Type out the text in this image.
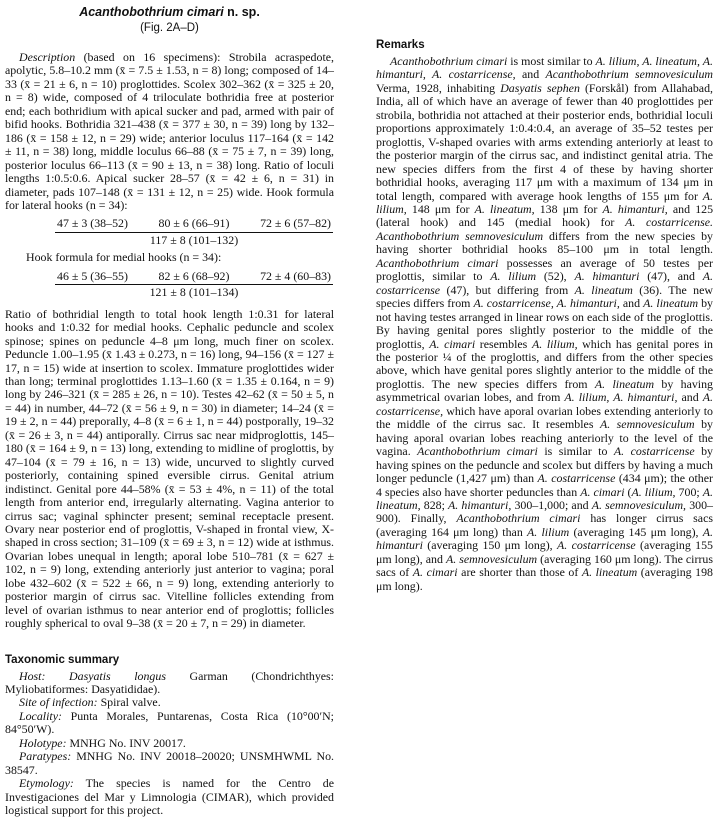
Acanthobothrium cimari n. sp.
(Fig. 2A–D)
Description (based on 16 specimens): Strobila acraspedote, apolytic, 5.8–10.2 mm (x̄ = 7.5 ± 1.53, n = 8) long; composed of 14–33 (x̄ = 21 ± 6, n = 10) proglottides. Scolex 302–362 (x̄ = 325 ± 20, n = 8) wide, composed of 4 triloculate bothridia free at posterior end; each bothridium with apical sucker and pad, armed with pair of bifid hooks. Bothridia 321–438 (x̄ = 377 ± 30, n = 39) long by 132–186 (x̄ = 158 ± 12, n = 29) wide; anterior loculus 117–164 (x̄ = 142 ± 11, n = 38) long, middle loculus 66–88 (x̄ = 75 ± 7, n = 39) long, posterior loculus 66–113 (x̄ = 90 ± 13, n = 38) long. Ratio of loculi lengths 1:0.5:0.6. Apical sucker 28–57 (x̄ = 42 ± 6, n = 31) in diameter, pads 107–148 (x̄ = 131 ± 12, n = 25) wide. Hook formula for lateral hooks (n = 34):
47 ± 3 (38–52)	80 ± 6 (66–91)	72 ± 6 (57–82)
117 ± 8 (101–132)
Hook formula for medial hooks (n = 34):
46 ± 5 (36–55)	82 ± 6 (68–92)	72 ± 4 (60–83)
121 ± 8 (101–134)
Ratio of bothridial length to total hook length 1:0.31 for lateral hooks and 1:0.32 for medial hooks. Cephalic peduncle and scolex spinose; spines on peduncle 4–8 μm long, much finer on scolex. Peduncle 1.00–1.95 (x̄ 1.43 ± 0.273, n = 16) long, 94–156 (x̄ = 127 ± 17, n = 15) wide at insertion to scolex. Immature proglottides wider than long; terminal proglottides 1.13–1.60 (x̄ = 1.35 ± 0.164, n = 9) long by 246–321 (x̄ = 285 ± 26, n = 10). Testes 42–62 (x̄ = 50 ± 5, n = 44) in number, 44–72 (x̄ = 56 ± 9, n = 30) in diameter; 14–24 (x̄ = 19 ± 2, n = 44) preporally, 4–8 (x̄ = 6 ± 1, n = 44) postporally, 19–32 (x̄ = 26 ± 3, n = 44) antiporally. Cirrus sac near midproglottis, 145–180 (x̄ = 164 ± 9, n = 13) long, extending to midline of proglottis, by 47–104 (x̄ = 79 ± 16, n = 13) wide, uncurved to slightly curved posteriorly, containing spined eversible cirrus. Genital atrium indistinct. Genital pore 44–58% (x̄ = 53 ± 4%, n = 11) of the total length from anterior end, irregularly alternating. Vagina anterior to cirrus sac; vaginal sphincter present; seminal receptacle present. Ovary near posterior end of proglottis, V-shaped in frontal view, X-shaped in cross section; 31–109 (x̄ = 69 ± 3, n = 12) wide at isthmus. Ovarian lobes unequal in length; aporal lobe 510–781 (x̄ = 627 ± 102, n = 9) long, extending anteriorly just anterior to vagina; poral lobe 432–602 (x̄ = 522 ± 66, n = 9) long, extending anteriorly to posterior margin of cirrus sac. Vitelline follicles extending from level of ovarian isthmus to near anterior end of proglottis; follicles roughly spherical to oval 9–38 (x̄ = 20 ± 7, n = 29) in diameter.
Taxonomic summary
Host: Dasyatis longus Garman (Chondrichthyes: Myliobatiformes: Dasyatididae).
Site of infection: Spiral valve.
Locality: Punta Morales, Puntarenas, Costa Rica (10°00′N; 84°50′W).
Holotype: MNHG No. INV 20017.
Paratypes: MNHG No. INV 20018–20020; UNSMHWML No. 38547.
Etymology: The species is named for the Centro de Investigaciones del Mar y Limnologia (CIMAR), which provided logistical support for this project.
Remarks
Acanthobothrium cimari is most similar to A. lilium, A. lineatum, A. himanturi, A. costarricense, and Acanthobothrium semnovesiculum Verma, 1928, inhabiting Dasyatis sephen (Forskål) from Allahabad, India, all of which have an average of fewer than 40 proglottides per strobila, bothridia not attached at their posterior ends, bothridial loculi proportions approximately 1:0.4:0.4, an average of 35–52 testes per proglottis, V-shaped ovaries with arms extending anteriorly at least to the posterior margin of the cirrus sac, and indistinct genital atria. The new species differs from the first 4 of these by having shorter bothridial hooks, averaging 117 μm with a maximum of 134 μm in total length, compared with average hook lengths of 155 μm for A. lilium, 148 μm for A. lineatum, 138 μm for A. himanturi, and 125 (lateral hook) and 145 (medial hook) for A. costarricense. Acanthobothrium semnovesiculum differs from the new species by having shorter bothridial hooks 85–100 μm in total length. Acanthobothrium cimari possesses an average of 50 testes per proglottis, similar to A. lilium (52), A. himanturi (47), and A. costarricense (47), but differing from A. lineatum (36). The new species differs from A. costarricense, A. himanturi, and A. lineatum by not having testes arranged in linear rows on each side of the proglottis. By having genital pores slightly posterior to the middle of the proglottis, A. cimari resembles A. lilium, which has genital pores in the posterior ¼ of the proglottis, and differs from the other species above, which have genital pores slightly anterior to the middle of the proglottis. The new species differs from A. lineatum by having asymmetrical ovarian lobes, and from A. lilium, A. himanturi, and A. costarricense, which have aporal ovarian lobes extending anteriorly to the middle of the cirrus sac. It resembles A. semnovesiculum by having aporal ovarian lobes reaching anteriorly to the level of the vagina. Acanthobothrium cimari is similar to A. costarricense by having spines on the peduncle and scolex but differs by having a much longer peduncle (1,427 μm) than A. costarricense (434 μm); the other 4 species also have shorter peduncles than A. cimari (A. lilium, 700; A. lineatum, 828; A. himanturi, 300–1,000; and A. semnovesiculum, 300–900). Finally, Acanthobothrium cimari has longer cirrus sacs (averaging 164 μm long) than A. lilium (averaging 145 μm long), A. himanturi (averaging 150 μm long), A. costarricense (averaging 155 μm long), and A. semnovesiculum (averaging 160 μm long). The cirrus sacs of A. cimari are shorter than those of A. lineatum (averaging 198 μm long).
